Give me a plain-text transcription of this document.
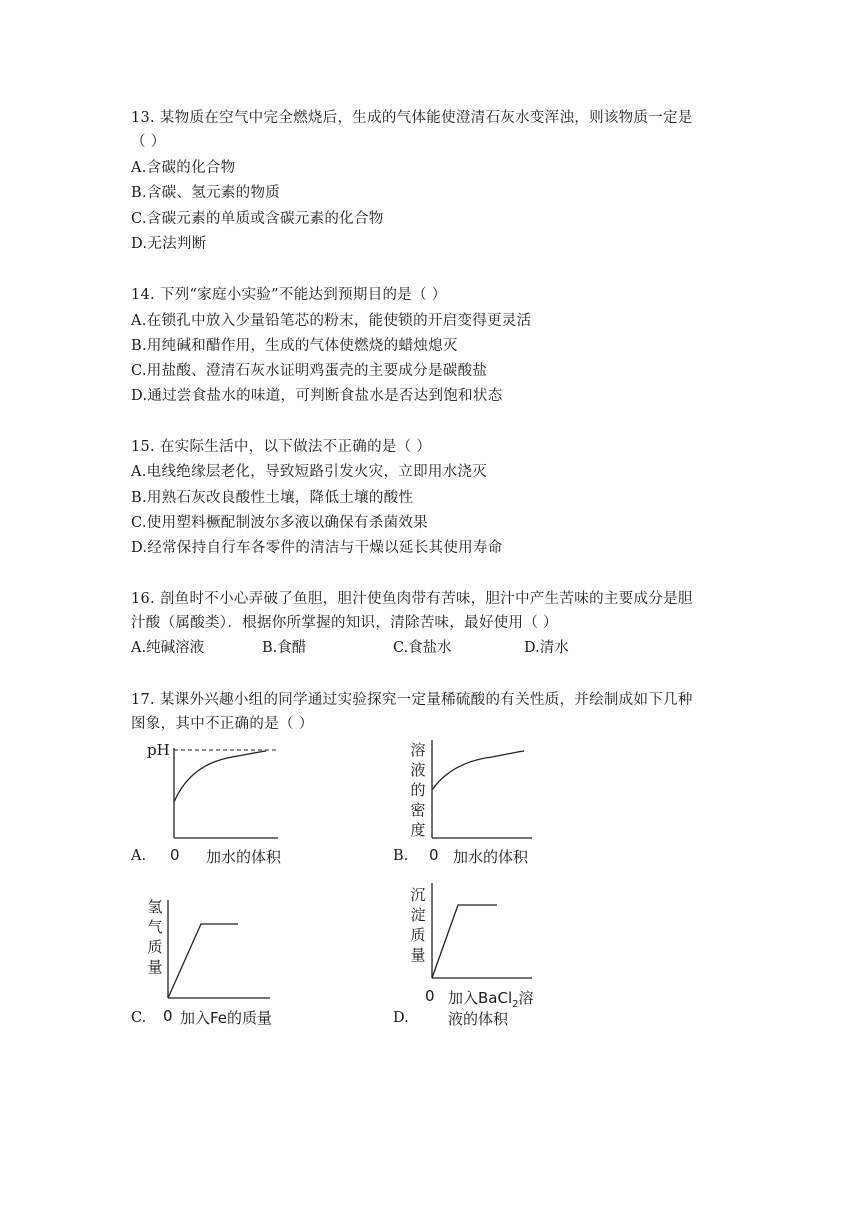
13. 某物质在空气中完全燃烧后，生成的气体能使澄清石灰水变浑浊，则该物质一定是
（ ）
A.含碳的化合物
B.含碳、氢元素的物质
C.含碳元素的单质或含碳元素的化合物
D.无法判断
14. 下列“家庭小实验”不能达到预期目的是（ ）
A.在锁孔中放入少量铅笔芯的粉末，能使锁的开启变得更灵活
B.用纯碱和醋作用，生成的气体使燃烧的蜡烛熄灭
C.用盐酸、澄清石灰水证明鸡蛋壳的主要成分是碳酸盐
D.通过尝食盐水的味道，可判断食盐水是否达到饱和状态
15. 在实际生活中，以下做法不正确的是（ ）
A.电线绝缘层老化，导致短路引发火灾，立即用水浇灭
B.用熟石灰改良酸性土壤，降低土壤的酸性
C.使用塑料橛配制波尔多液以确保有杀菌效果
D.经常保持自行车各零件的清洁与干燥以延长其使用寿命
16. 剖鱼时不小心弄破了鱼胆，胆汁使鱼肉带有苦味，胆汁中产生苦味的主要成分是胆
汁酸（属酸类）．根据你所掌握的知识，清除苦味，最好使用（ ）
A.纯碱溶液	B.食醋	C.食盐水	D.清水
17. 某课外兴趣小组的同学通过实验探究一定量稀硫酸的有关性质，并绘制成如下几种
图象，其中不正确的是（ ）
A.
pH
0 加水的体积	B.
溶液的密度
0 加水的体积
C.
氢气质量
0 加入Fe的质量	D.
沉淀质量
0 加入BaCl$_2$溶
液的体积
